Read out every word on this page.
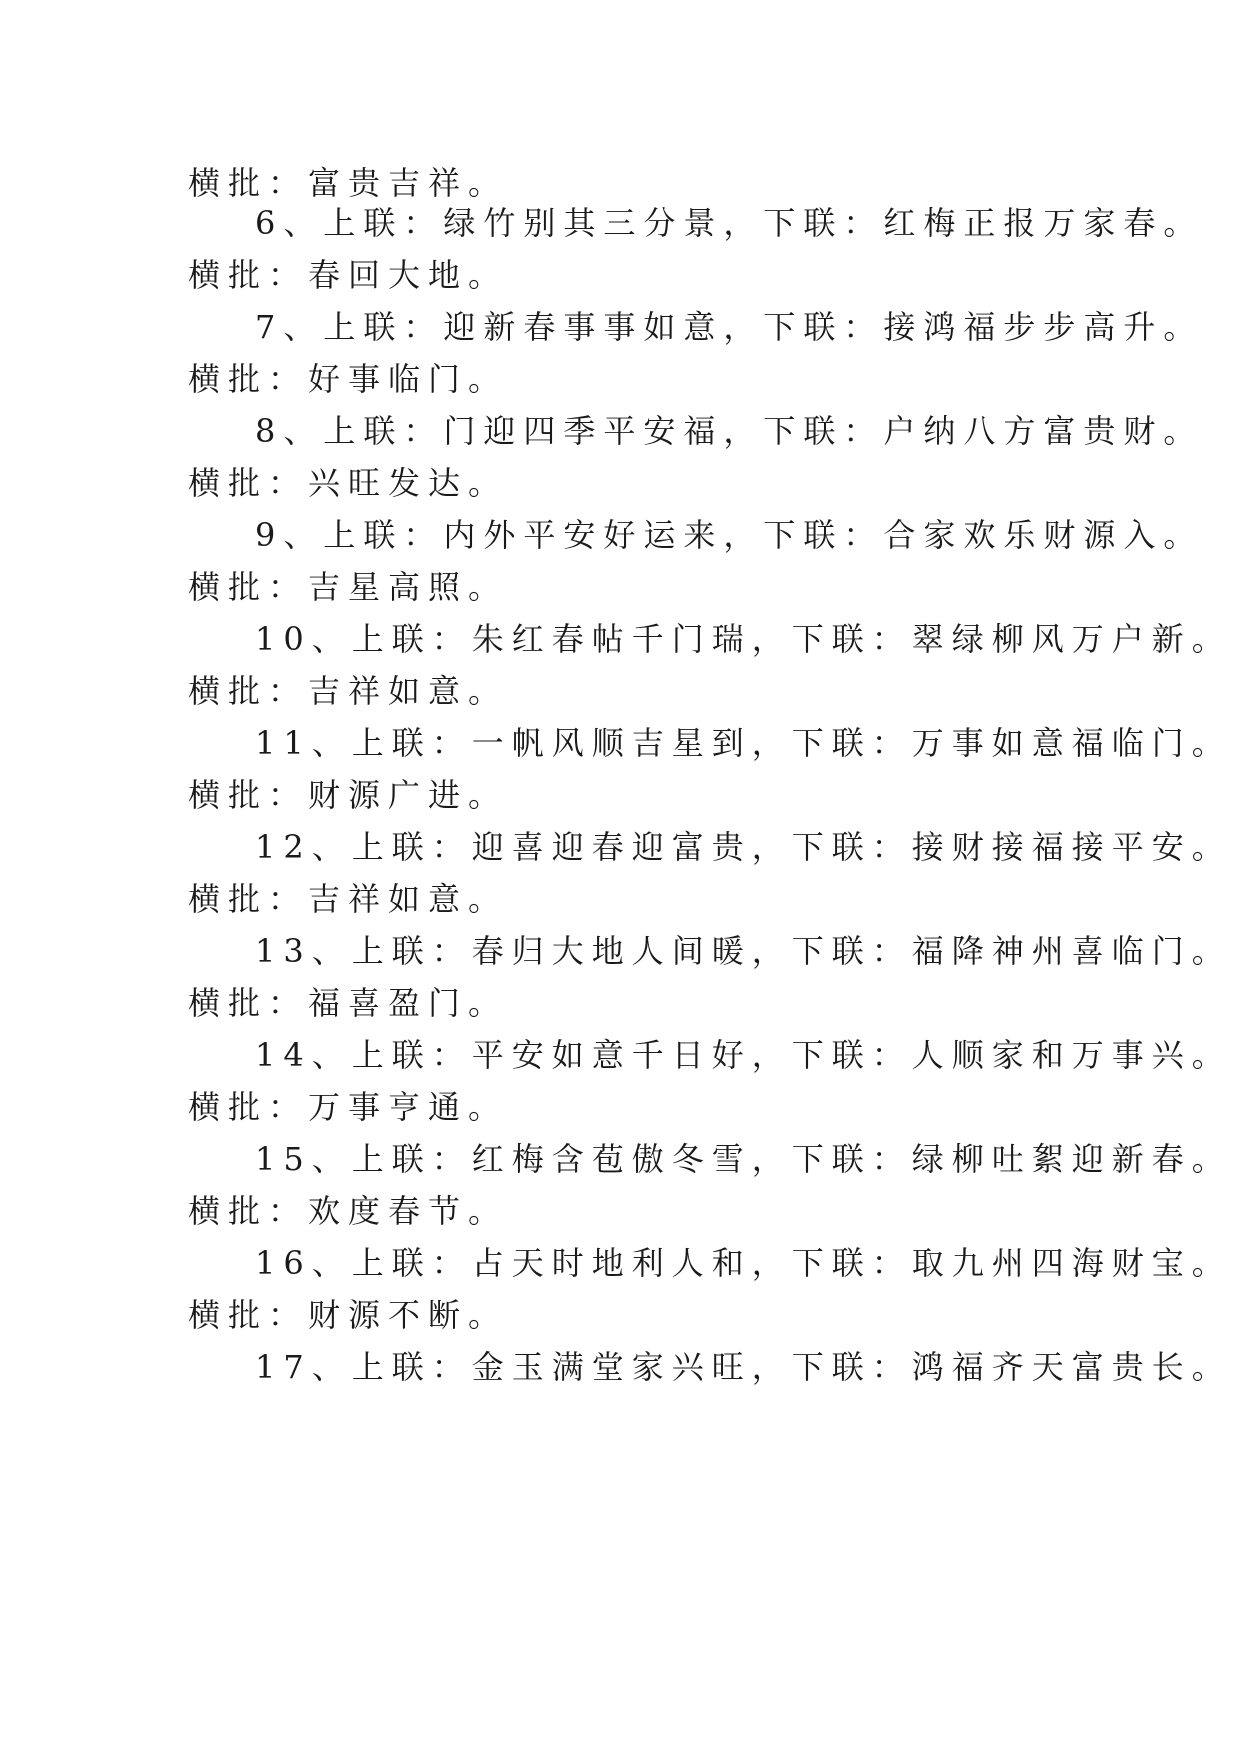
横批：富贵吉祥。
6、上联：绿竹别其三分景，下联：红梅正报万家春。
横批：春回大地。
7、上联：迎新春事事如意，下联：接鸿福步步高升。
横批：好事临门。
8、上联：门迎四季平安福，下联：户纳八方富贵财。
横批：兴旺发达。
9、上联：内外平安好运来，下联：合家欢乐财源入。
横批：吉星高照。
10、上联：朱红春帖千门瑞，下联：翠绿柳风万户新。
横批：吉祥如意。
11、上联：一帆风顺吉星到，下联：万事如意福临门。
横批：财源广进。
12、上联：迎喜迎春迎富贵，下联：接财接福接平安。
横批：吉祥如意。
13、上联：春归大地人间暖，下联：福降神州喜临门。
横批：福喜盈门。
14、上联：平安如意千日好，下联：人顺家和万事兴。
横批：万事亨通。
15、上联：红梅含苞傲冬雪，下联：绿柳吐絮迎新春。
横批：欢度春节。
16、上联：占天时地利人和，下联：取九州四海财宝。
横批：财源不断。
17、上联：金玉满堂家兴旺，下联：鸿福齐天富贵长。
